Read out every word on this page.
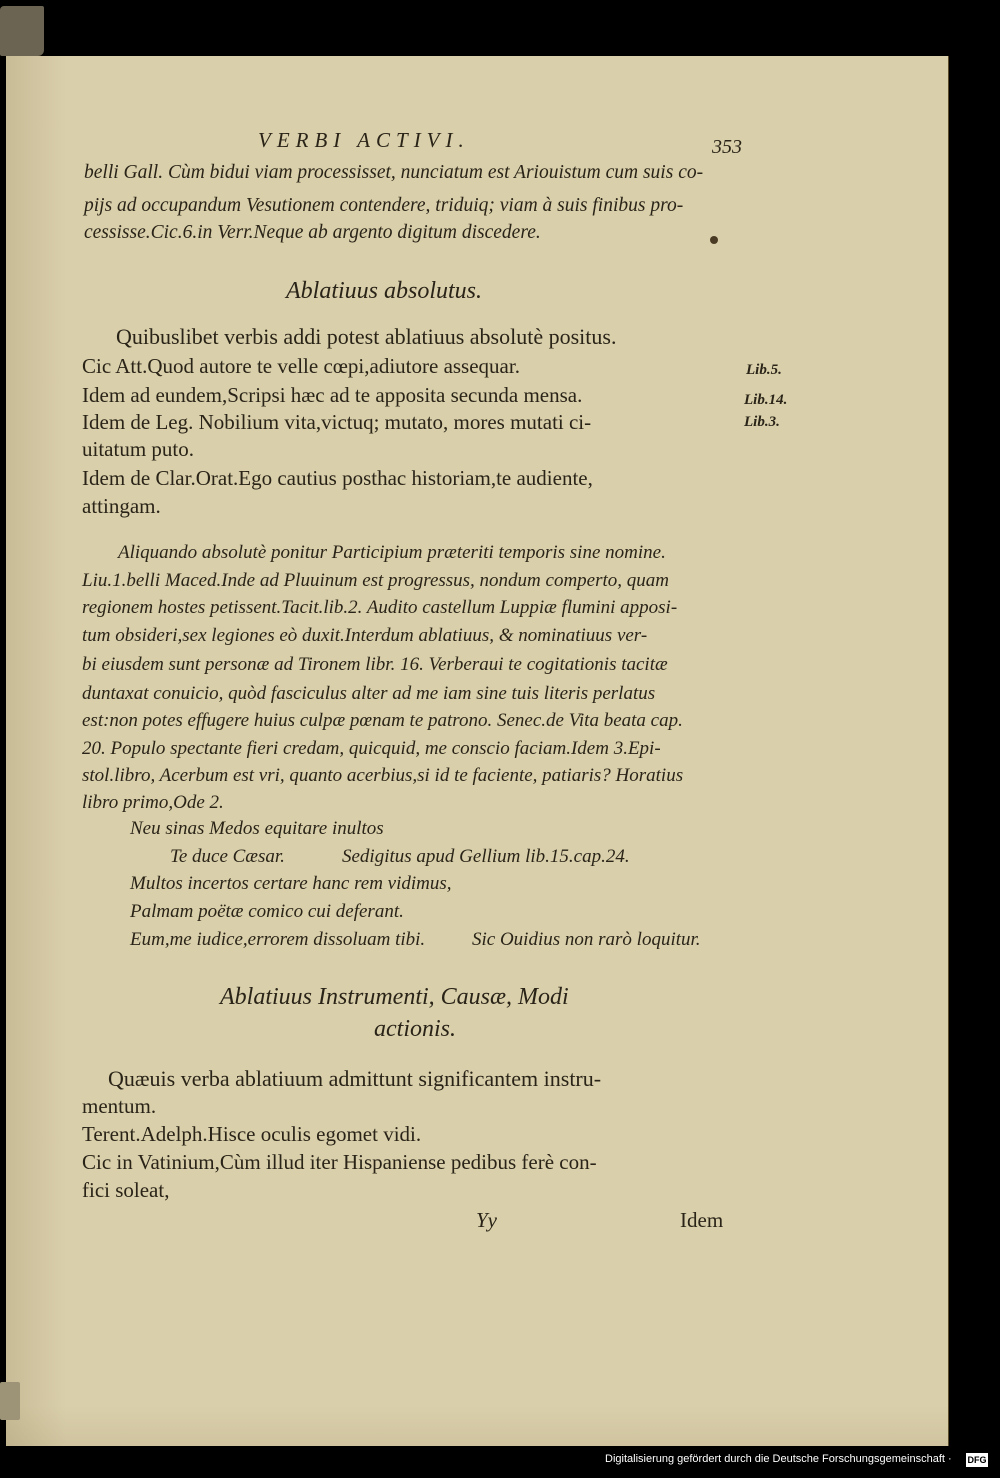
VERBI ACTIVI.	353
belli Gall. Cùm bidui viam processisset, nunciatum est Ariouistum cum suis co-
pijs ad occupandum Vesutionem contendere, triduiq; viam à suis finibus pro-
cessisse.Cic.6.in Verr.Neque ab argento digitum discedere.
Ablatiuus absolutus.
Quibuslibet verbis addi potest ablatiuus absolutè positus.
Cic Att.Quod autore te velle cœpi,adiutore assequar.
Idem ad eundem,Scripsi hæc ad te apposita secunda mensa.
Idem de Leg. Nobilium vita,victuq; mutato, mores mutati ci-
uitatum puto.
Idem de Clar.Orat.Ego cautius posthac historiam,te audiente,
attingam.
Lib.5.
Lib.14.
Lib.3.
Aliquando absolutè ponitur Participium præteriti temporis sine nomine.
Liu.1.belli Maced.Inde ad Pluuinum est progressus, nondum comperto, quam
regionem hostes petissent.Tacit.lib.2. Audito castellum Luppiæ flumini apposi-
tum obsideri,sex legiones eò duxit.Interdum ablatiuus, & nominatiuus ver-
bi eiusdem sunt personæ ad Tironem libr. 16. Verberaui te cogitationis tacitæ
duntaxat conuicio, quòd fasciculus alter ad me iam sine tuis literis perlatus
est:non potes effugere huius culpæ pœnam te patrono. Senec.de Vita beata cap.
20. Populo spectante fieri credam, quicquid, me conscio faciam.Idem 3.Epi-
stol.libro, Acerbum est vri, quanto acerbius,si id te faciente, patiaris? Horatius
libro primo,Ode 2.
Neu sinas Medos equitare inultos
Te duce Cæsar.	Sedigitus apud Gellium lib.15.cap.24.
Multos incertos certare hanc rem vidimus,
Palmam poëtæ comico cui deferant.
Eum,me iudice,errorem dissoluam tibi. Sic Ouidius non rarò loquitur.
Ablatiuus Instrumenti, Causæ, Modi
actionis.
Quæuis verba ablatiuum admittunt significantem instru-
mentum.
Terent.Adelph.Hisce oculis egomet vidi.
Cic in Vatinium,Cùm illud iter Hispaniense pedibus ferè con-
fici soleat,
Yy	Idem
Digitalisierung gefördert durch die Deutsche Forschungsgemeinschaft · DFG
